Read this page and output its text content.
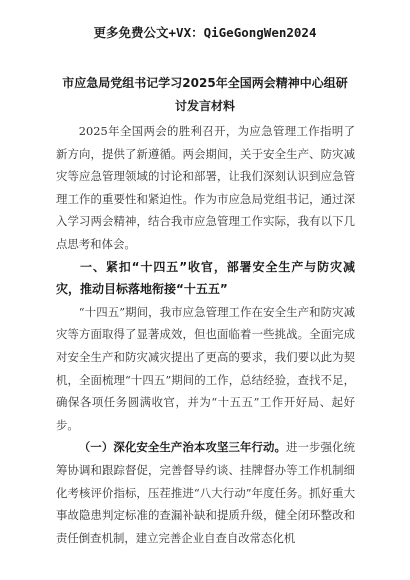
更多免费公文+VX：QiGeGongWen2024
市应急局党组书记学习2025年全国两会精神中心组研讨发言材料

2025年全国两会的胜利召开，为应急管理工作指明了新方向，提供了新遵循。两会期间，关于安全生产、防灾减灾等应急管理领域的讨论和部署，让我们深刻认识到应急管理工作的重要性和紧迫性。作为市应急局党组书记，通过深入学习两会精神，结合我市应急管理工作实际，我有以下几点思考和体会。

一、紧扣“十四五”收官，部署安全生产与防灾减灾，推动目标落地衔接“十五五”

“十四五”期间，我市应急管理工作在安全生产和防灾减灾等方面取得了显著成效，但也面临着一些挑战。全面完成对安全生产和防灾减灾提出了更高的要求，我们要以此为契机，全面梳理“十四五”期间的工作，总结经验，查找不足，确保各项任务圆满收官，并为“十五五”工作开好局、起好步。

（一）深化安全生产治本攻坚三年行动。进一步强化统筹协调和跟踪督促，完善督导约谈、挂牌督办等工作机制细化考核评价指标，压茬推进“八大行动”年度任务。抓好重大事故隐患判定标准的查漏补缺和提质升级，健全闭环整改和责任倒查机制，建立完善企业自查自改常态化机
